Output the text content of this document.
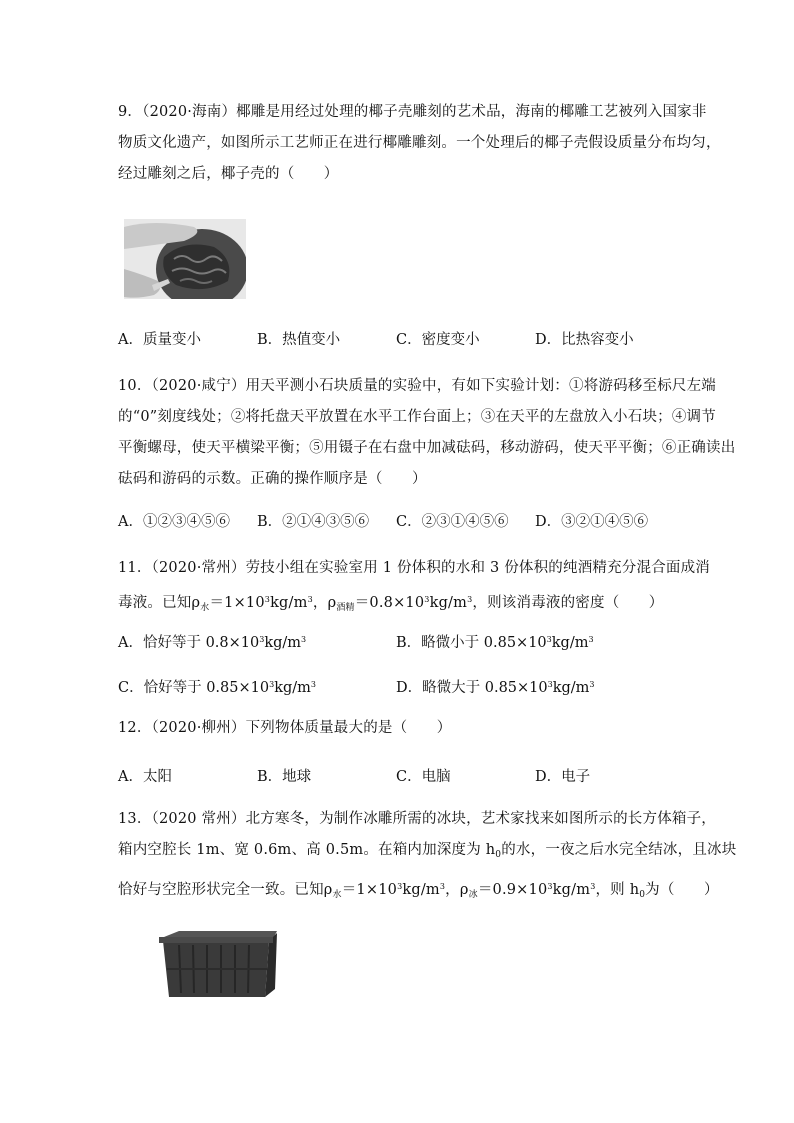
9．（2020·海南）椰雕是用经过处理的椰子壳雕刻的艺术品，海南的椰雕工艺被列入国家非
物质文化遗产，如图所示工艺师正在进行椰雕雕刻。一个处理后的椰子壳假设质量分布均匀，
经过雕刻之后，椰子壳的（　　）
A．质量变小	B．热值变小	C．密度变小	D．比热容变小
10．（2020·咸宁）用天平测小石块质量的实验中，有如下实验计划：①将游码移至标尺左端
的“0”刻度线处；②将托盘天平放置在水平工作台面上；③在天平的左盘放入小石块；④调节
平衡螺母，使天平横梁平衡；⑤用镊子在右盘中加减砝码，移动游码，使天平平衡；⑥正确读出
砝码和游码的示数。正确的操作顺序是（　　）
A．①②③④⑤⑥ B．②①④③⑤⑥ C．②③①④⑤⑥ D．③②①④⑤⑥
11．（2020·常州）劳技小组在实验室用 1 份体积的水和 3 份体积的纯酒精充分混合面成消
毒液。已知$\rho_水=1\times 10^3kg/m^3$，$\rho_{酒精}=0.8\times 10^3kg/m^3$，则该消毒液的密度（　　）
A．恰好等于 $0.8\times 10^3kg/m^3$	B．略微小于 $0.85\times 10^3kg/m^3$
C．恰好等于 $0.85\times 10^3kg/m^3$	D．略微大于 $0.85\times 10^3kg/m^3$
12．（2020·柳州）下列物体质量最大的是（　　）
A．太阳	B．地球	C．电脑	D．电子
13．（2020 常州）北方寒冬，为制作冰雕所需的冰块，艺术家找来如图所示的长方体箱子，
箱内空腔长 1m、宽 0.6m、高 0.5m。在箱内加深度为 $h_0$的水，一夜之后水完全结冰，且冰块
恰好与空腔形状完全一致。已知$\rho_水=1\times 10^3kg/m^3$，$\rho_冰=0.9\times 10^3kg/m^3$，则 $h_0$为（　　）
